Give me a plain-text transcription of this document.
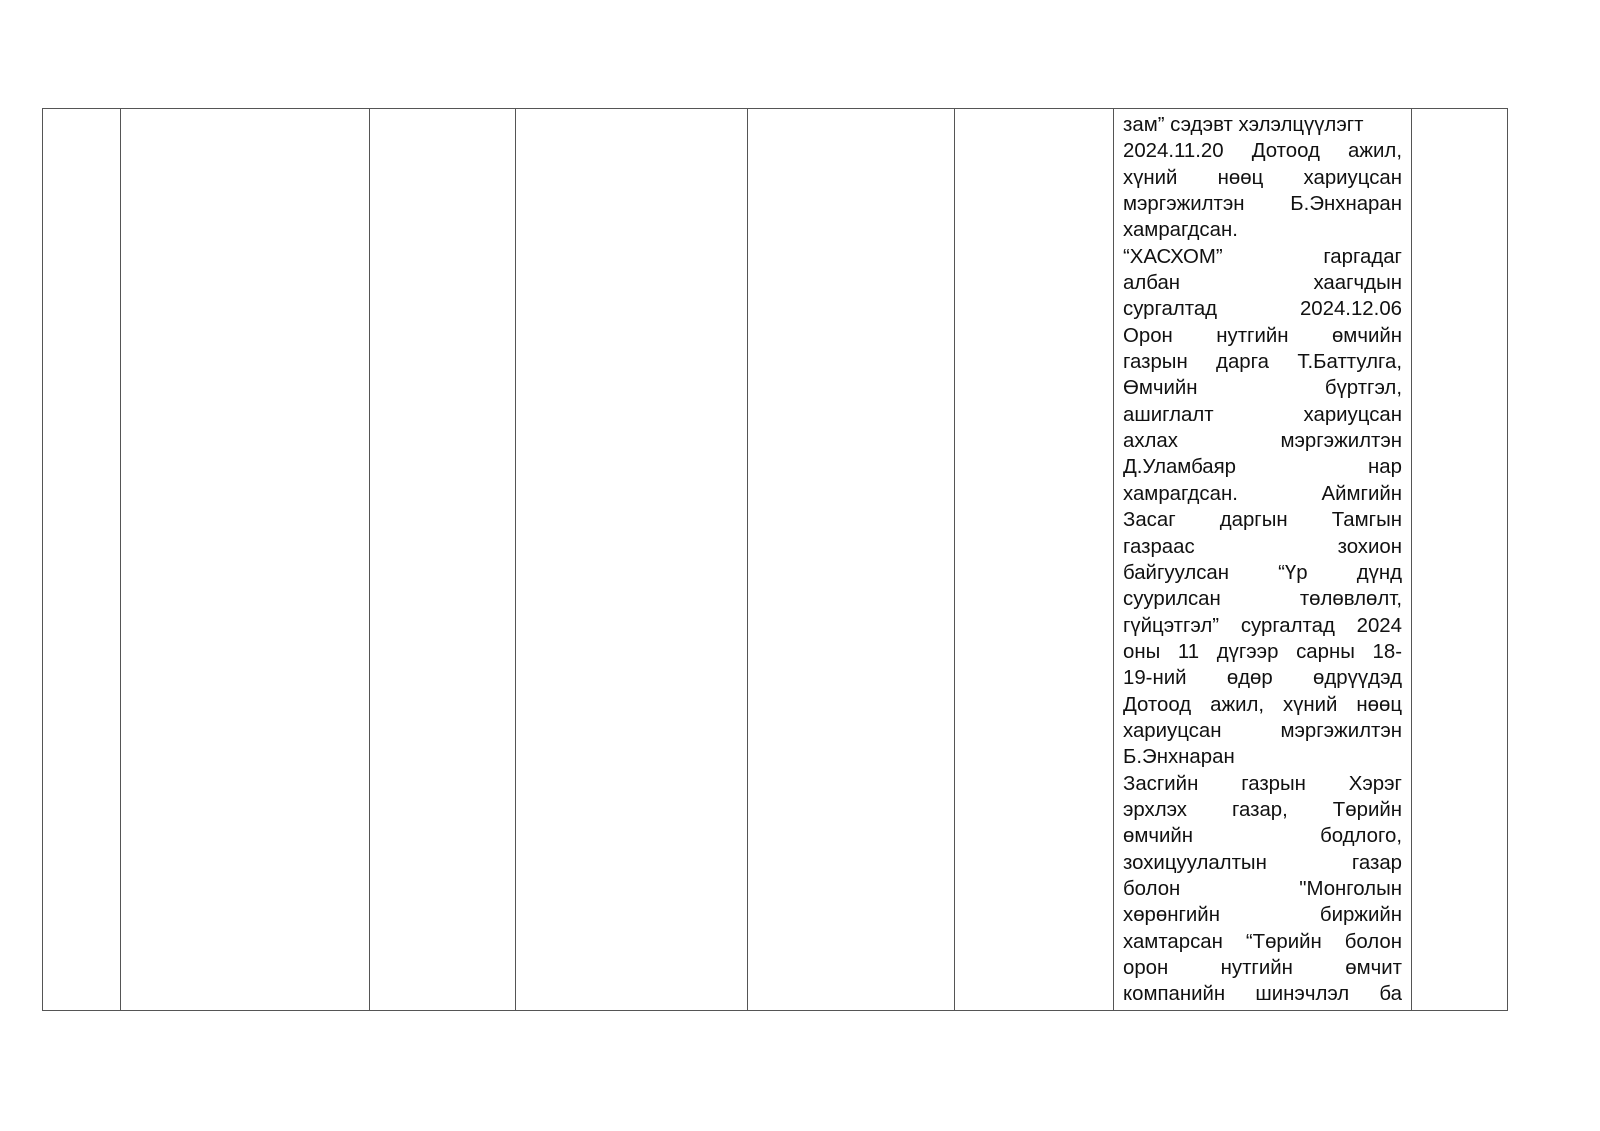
зам” сэдэвт хэлэлцүүлэгт
2024.11.20 Дотоод ажил,
хүний нөөц хариуцсан
мэргэжилтэн Б.Энхнаран
хамрагдсан.
“ХАСХОМ” гаргадаг
албан хаагчдын
сургалтад 2024.12.06
Орон нутгийн өмчийн
газрын дарга Т.Баттулга,
Өмчийн бүртгэл,
ашиглалт хариуцсан
ахлах мэргэжилтэн
Д.Уламбаяр нар
хамрагдсан. Аймгийн
Засаг даргын Тамгын
газраас зохион
байгуулсан “Үр дүнд
суурилсан төлөвлөлт,
гүйцэтгэл” сургалтад 2024
оны 11 дүгээр сарны 18-
19-ний өдөр өдрүүдэд
Дотоод ажил, хүний нөөц
хариуцсан мэргэжилтэн
Б.Энхнаран
Засгийн газрын Хэрэг
эрхлэх газар, Төрийн
өмчийн бодлого,
зохицуулалтын газар
болон "Монголын
хөрөнгийн биржийн
хамтарсан “Төрийн болон
орон нутгийн өмчит
компанийн шинэчлэл ба
